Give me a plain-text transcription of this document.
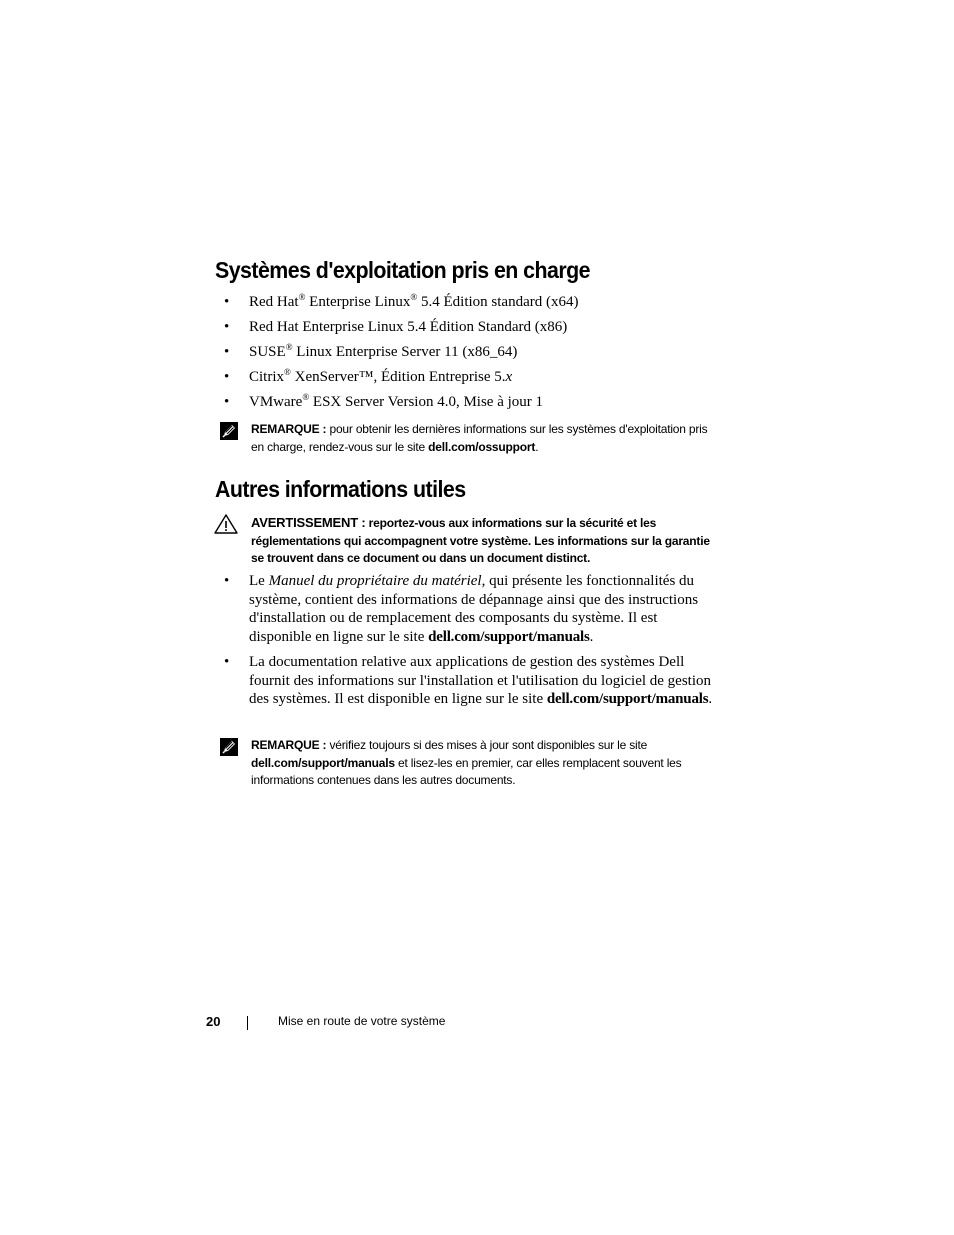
Systèmes d'exploitation pris en charge
• Red Hat® Enterprise Linux® 5.4 Édition standard (x64)
• Red Hat Enterprise Linux 5.4 Édition Standard (x86)
• SUSE® Linux Enterprise Server 11 (x86_64)
• Citrix® XenServer™, Édition Entreprise 5.x
• VMware® ESX Server Version 4.0, Mise à jour 1
REMARQUE : pour obtenir les dernières informations sur les systèmes d'exploitation pris en charge, rendez-vous sur le site dell.com/ossupport.
Autres informations utiles
AVERTISSEMENT : reportez-vous aux informations sur la sécurité et les réglementations qui accompagnent votre système. Les informations sur la garantie se trouvent dans ce document ou dans un document distinct.
• Le Manuel du propriétaire du matériel, qui présente les fonctionnalités du système, contient des informations de dépannage ainsi que des instructions d'installation ou de remplacement des composants du système. Il est disponible en ligne sur le site dell.com/support/manuals.
• La documentation relative aux applications de gestion des systèmes Dell fournit des informations sur l'installation et l'utilisation du logiciel de gestion des systèmes. Il est disponible en ligne sur le site dell.com/support/manuals.
REMARQUE : vérifiez toujours si des mises à jour sont disponibles sur le site dell.com/support/manuals et lisez-les en premier, car elles remplacent souvent les informations contenues dans les autres documents.
20	Mise en route de votre système
